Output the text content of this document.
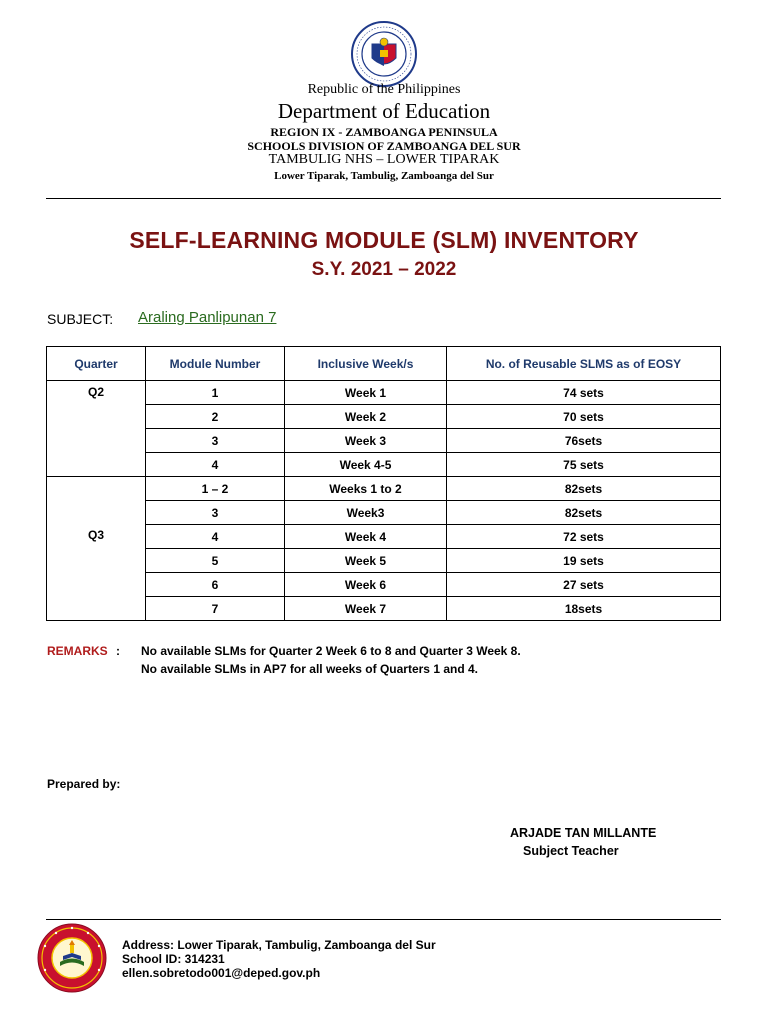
Republic of the Philippines
Department of Education
REGION IX - ZAMBOANGA PENINSULA
SCHOOLS DIVISION OF ZAMBOANGA DEL SUR
TAMBULIG NHS – LOWER TIPARAK
Lower Tiparak, Tambulig, Zamboanga del Sur
SELF-LEARNING MODULE (SLM) INVENTORY
S.Y. 2021 – 2022
SUBJECT: Araling Panlipunan 7
Quarter	Module Number	Inclusive Week/s	No. of Reusable SLMS as of EOSY
Q2	1	Week 1	74 sets
	2	Week 2	70 sets
	3	Week 3	76sets
	4	Week 4-5	75 sets
Q3	1 – 2	Weeks 1 to 2	82sets
	3	Week3	82sets
	4	Week 4	72 sets
	5	Week 5	19 sets
	6	Week 6	27 sets
	7	Week 7	18sets
REMARKS : No available SLMs for Quarter 2 Week 6 to 8 and Quarter 3 Week 8.
No available SLMs in AP7 for all weeks of Quarters 1 and 4.
Prepared by:
ARJADE TAN MILLANTE
Subject Teacher
Address: Lower Tiparak, Tambulig, Zamboanga del Sur
School ID: 314231
ellen.sobretodo001@deped.gov.ph
